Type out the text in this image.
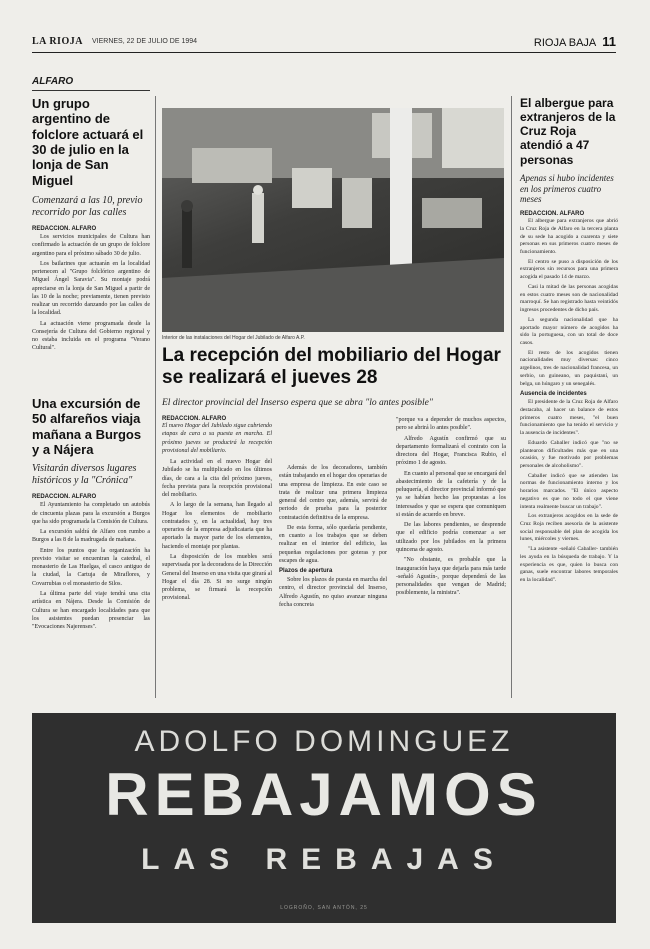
LA RIOJA VIERNES, 22 DE JULIO DE 1994	RIOJA BAJA 11
ALFARO
Un grupo argentino de folclore actuará el 30 de julio en la lonja de San Miguel
Comenzará a las 10, previo recorrido por las calles
REDACCION. ALFARO

Los servicios municipales de Cultura han confirmado la actuación de un grupo de folclore argentino para el próximo sábado 30 de julio.

Los bailarines que actuarán en la localidad pertenecen al "Grupo folclórico argentino de Miguel Ángel Saravia". Su montaje podrá apreciarse en la lonja de San Miguel a partir de las 10 de la noche; previamente, tienen previsto realizar un recorrido danzando por las calles de la localidad.

La actuación viene programada desde la Consejería de Cultura del Gobierno regional y no estaba incluida en el programa "Verano Cultural".

Una excursión de 50 alfareños viaja mañana a Burgos y a Nájera
Visitarán diversos lugares históricos y la "Crónica"
REDACCION. ALFARO

El Ayuntamiento ha completado un autobús de cincuenta plazas para la excursión a Burgos que ha sido programada la Comisión de Cultura.

La excursión saldrá de Alfaro con rumbo a Burgos a las 8 de la madrugada de mañana.

Entre los puntos que la organización ha previsto visitar se encuentran la catedral, el monasterio de Las Huelgas, el casco antiguo de la ciudad, la Cartuja de Miraflores, y Covarrubias o el monasterio de Silos.

La última parte del viaje tendrá una cita artística en Nájera. Desde la Comisión de Cultura se han encargado localidades para que los asistentes puedan presenciar las "Evocaciones Najerenses".

Interior de las instalaciones del Hogar del Jubilado de Alfaro A.P.
La recepción del mobiliario del Hogar se realizará el jueves 28
El director provincial del Inserso espera que se abra "lo antes posible"
REDACCION. ALFARO
El nuevo Hogar del Jubilado sigue cubriendo etapas de cara a su puesta en marcha. El próximo jueves se producirá la recepción provisional del mobiliario.

La actividad en el nuevo Hogar del Jubilado se ha multiplicado en los últimos días, de cara a la cita del próximo jueves, fecha prevista para la recepción provisional del mobiliario.

A lo largo de la semana, han llegado al Hogar los elementos de mobiliario contratados y, en la actualidad, hay tres operarios de la empresa adjudicataria que ha aportado la mayor parte de los elementos, haciendo el montaje por plantas.

La disposición de los muebles será supervisada por la decoradora de la Dirección General del Inserso en una visita que girará al Hogar el día 28. Si no surge ningún problema, se firmará la recepción provisional.

Además de los decoradores, también están trabajando en el hogar dos operarias de una empresa de limpieza. En este caso se trata de realizar una primera limpieza general del centro que, además, servirá de periodo de prueba para la posterior contratación definitiva de la empresa.

De esta forma, sólo quedaría pendiente, en cuanto a los trabajos que se deben realizar en el interior del edificio, las pequeñas regulaciones por goteras y por escapes de agua.

Plazos de apertura

Sobre los plazos de puesta en marcha del centro, el director provincial del Inserso, Alfredo Agustín, no quiso avanzar ninguna fecha concreta

"porque va a depender de muchos aspectos, pero se abrirá lo antes posible".

Alfredo Agustín confirmó que su departamento formalizará el contrato con la directora del Hogar, Francisca Rubio, el próximo 1 de agosto.

En cuanto al personal que se encargará del abastecimiento de la cafetería y de la peluquería, el director provincial informó que ya se habían hecho las propuestas a los interesados y que se espera que comuniquen si están de acuerdo en breve.

De las labores pendientes, se desprende que el edificio podría comenzar a ser utilizado por los jubilados en la primera quincena de agosto.

"No obstante, es probable que la inauguración haya que dejarla para más tarde -señaló Agustín-, porque dependerá de las personalidades que vengan de Madrid; posiblemente, la ministra".

El albergue para extranjeros de la Cruz Roja atendió a 47 personas
Apenas si hubo incidentes en los primeros cuatro meses
REDACCION. ALFARO

El albergue para extranjeros que abrió la Cruz Roja de Alfaro en la tercera planta de su sede ha acogido a cuarenta y siete personas en sus primeros cuatro meses de funcionamiento.

El centro se puso a disposición de los extranjeros sin recursos para una primera acogida el pasado 14 de marzo.

Casi la mitad de las personas acogidas en estos cuatro meses son de nacionalidad marroquí. Se han registrado hasta veintidós ingresos procedentes de dicho país.

La segunda nacionalidad que ha aportado mayor número de acogidos ha sido la portuguesa, con un total de doce casos.

El resto de los acogidos tienen nacionalidades muy diversas: cinco argelinos, tres de nacionalidad francesa, un serbio, un guineano, un paquistaní, un belga, un húngaro y un senegalés.

Ausencia de incidentes

El presidente de la Cruz Roja de Alfaro destacaba, al hacer un balance de estos primeros cuatro meses, "el buen funcionamiento que ha tenido el servicio y la ausencia de incidentes".

Eduardo Caballer indicó que "no se plantearon dificultades más que en una ocasión, y fue motivado por problemas personales de alcoholismo".

Caballer indicó que se atienden las normas de funcionamiento interno y los horarios marcados. "El único aspecto negativo es que no todo el que viene intenta realmente buscar un trabajo".

Los extranjeros acogidos en la sede de Cruz Roja reciben asesoría de la asistente social responsable del plan de acogida los lunes, miércoles y viernes.

"La asistente -señaló Caballer- también les ayuda en la búsqueda de trabajo. Y la experiencia es que, quien lo busca con ganas, suele encontrar labores temporales en la localidad".

ADOLFO DOMINGUEZ
REBAJAMOS
LAS REBAJAS
LOGROÑO, SAN ANTÓN, 25
